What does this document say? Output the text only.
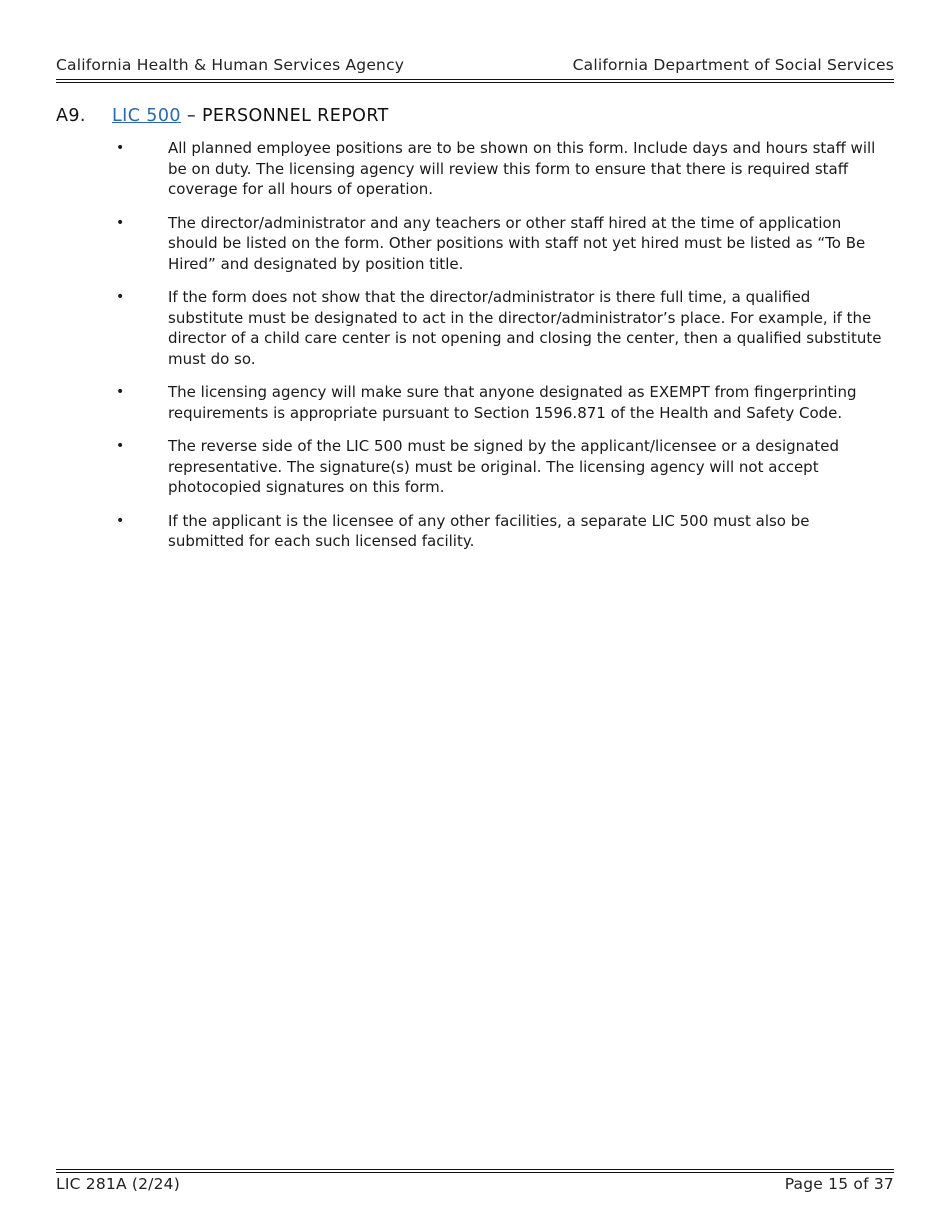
California Health & Human Services Agency	California Department of Social Services
A9.	LIC 500 – PERSONNEL REPORT
•	All planned employee positions are to be shown on this form. Include days and hours staff will be on duty. The licensing agency will review this form to ensure that there is required staff coverage for all hours of operation.
•	The director/administrator and any teachers or other staff hired at the time of application should be listed on the form. Other positions with staff not yet hired must be listed as “To Be Hired” and designated by position title.
•	If the form does not show that the director/administrator is there full time, a qualified substitute must be designated to act in the director/administrator’s place. For example, if the director of a child care center is not opening and closing the center, then a qualified substitute must do so.
•	The licensing agency will make sure that anyone designated as EXEMPT from fingerprinting requirements is appropriate pursuant to Section 1596.871 of the Health and Safety Code.
•	The reverse side of the LIC 500 must be signed by the applicant/licensee or a designated representative. The signature(s) must be original. The licensing agency will not accept photocopied signatures on this form.
•	If the applicant is the licensee of any other facilities, a separate LIC 500 must also be submitted for each such licensed facility.
LIC 281A (2/24)	Page 15 of 37
